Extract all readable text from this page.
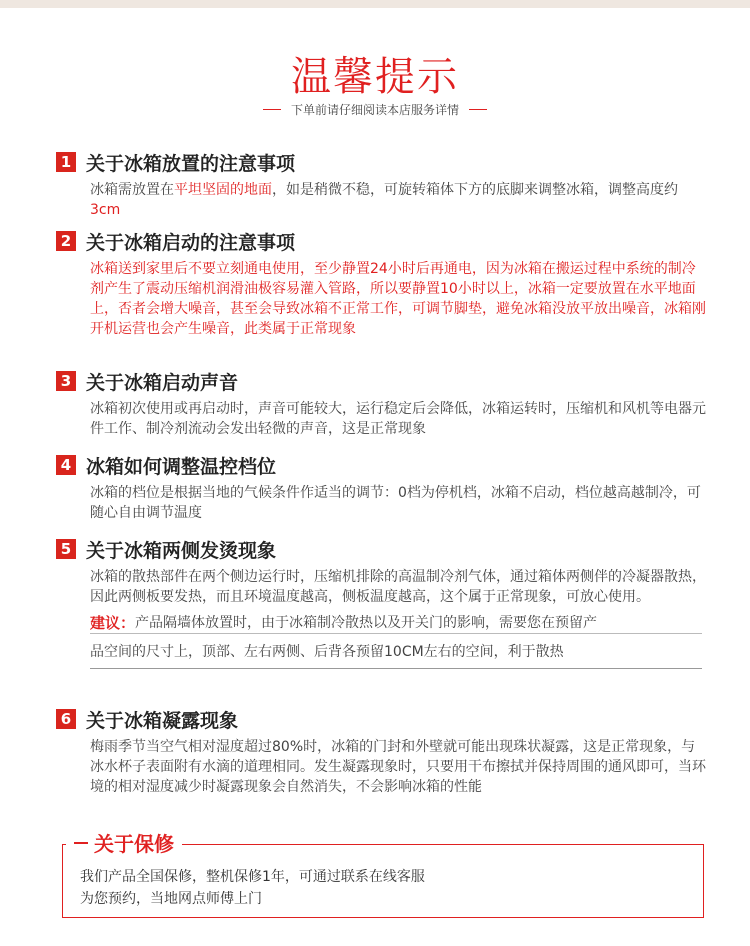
温馨提示
下单前请仔细阅读本店服务详情
1 关于冰箱放置的注意事项
冰箱需放置在平坦坚固的地面，如是稍微不稳，可旋转箱体下方的底脚来调整冰箱，调整高度约3cm
2 关于冰箱启动的注意事项
冰箱送到家里后不要立刻通电使用，至少静置24小时后再通电，因为冰箱在搬运过程中系统的制冷剂产生了震动压缩机润滑油极容易灌入管路，所以要静置10小时以上，冰箱一定要放置在水平地面上，否者会增大噪音，甚至会导致冰箱不正常工作，可调节脚垫，避免冰箱没放平放出噪音，冰箱刚开机运营也会产生噪音，此类属于正常现象
3 关于冰箱启动声音
冰箱初次使用或再启动时，声音可能较大，运行稳定后会降低，冰箱运转时，压缩机和风机等电器元件工作、制冷剂流动会发出轻微的声音，这是正常现象
4 冰箱如何调整温控档位
冰箱的档位是根据当地的气候条件作适当的调节：0档为停机档，冰箱不启动，档位越高越制冷，可随心自由调节温度
5 关于冰箱两侧发烫现象
冰箱的散热部件在两个侧边运行时，压缩机排除的高温制冷剂气体，通过箱体两侧伴的冷凝器散热，因此两侧板要发热，而且环境温度越高，侧板温度越高，这个属于正常现象，可放心使用。
建议： 产品隔墙体放置时，由于冰箱制冷散热以及开关门的影响，需要您在预留产
品空间的尺寸上，顶部、左右两侧、后背各预留10CM左右的空间，利于散热
6 关于冰箱凝露现象
梅雨季节当空气相对湿度超过80%时，冰箱的门封和外壁就可能出现珠状凝露，这是正常现象，与冰水杯子表面附有水滴的道理相同。发生凝露现象时，只要用干布擦拭并保持周围的通风即可，当环境的相对湿度减少时凝露现象会自然消失，不会影响冰箱的性能
关于保修
我们产品全国保修，整机保修1年，可通过联系在线客服
为您预约，当地网点师傅上门
